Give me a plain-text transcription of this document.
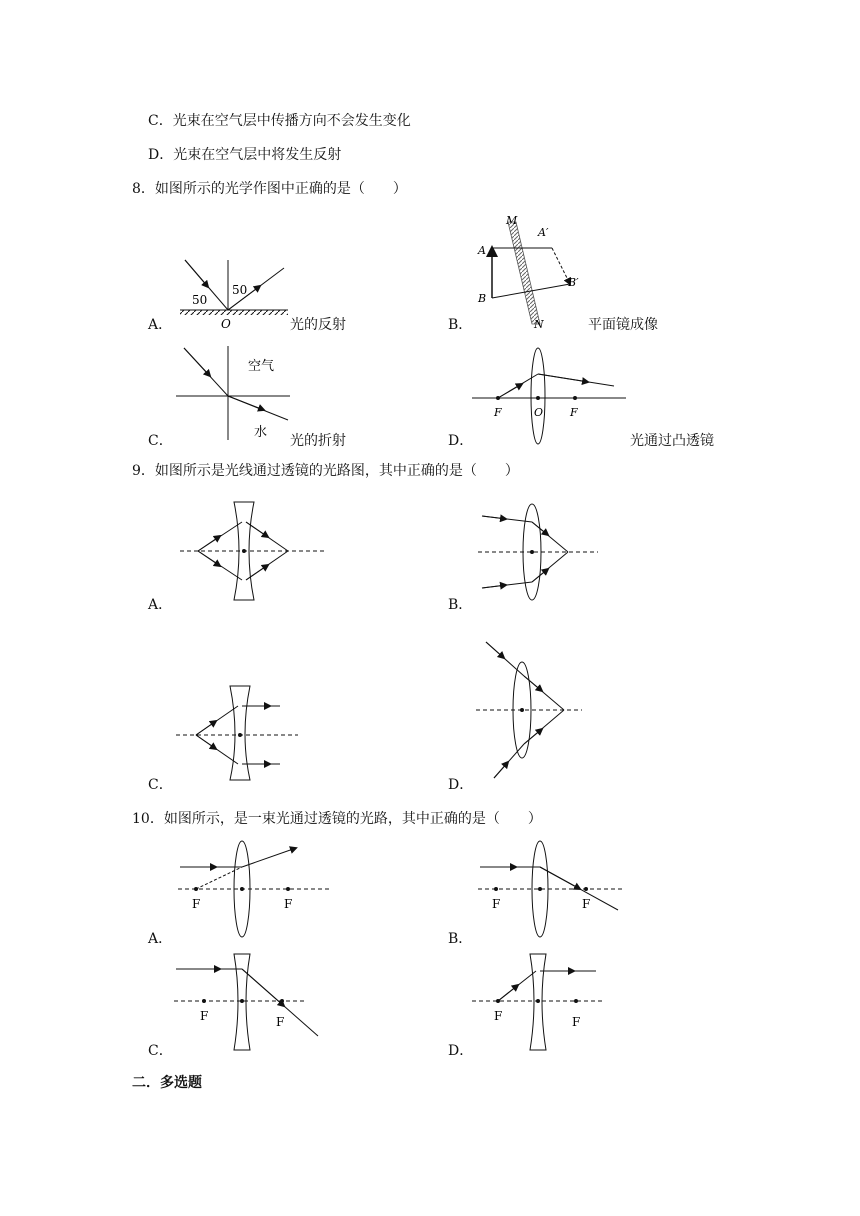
C．光束在空气层中传播方向不会发生变化
D．光束在空气层中将发生反射
8．如图所示的光学作图中正确的是（　　）
A．
50
50
O	光的反射	B．
M
N
A
B
A′
B′
平面镜成像
C．
空气
水
光的折射	D．
F	O F
光通过凸透镜
9．如图所示是光线通过透镜的光路图，其中正确的是（　　）
A．	B．
C．	D．
10．如图所示，是一束光通过透镜的光路，其中正确的是（　　）
A．
F	F
B．
F	F
C．
F	F
D．
F	F
二．多选题
